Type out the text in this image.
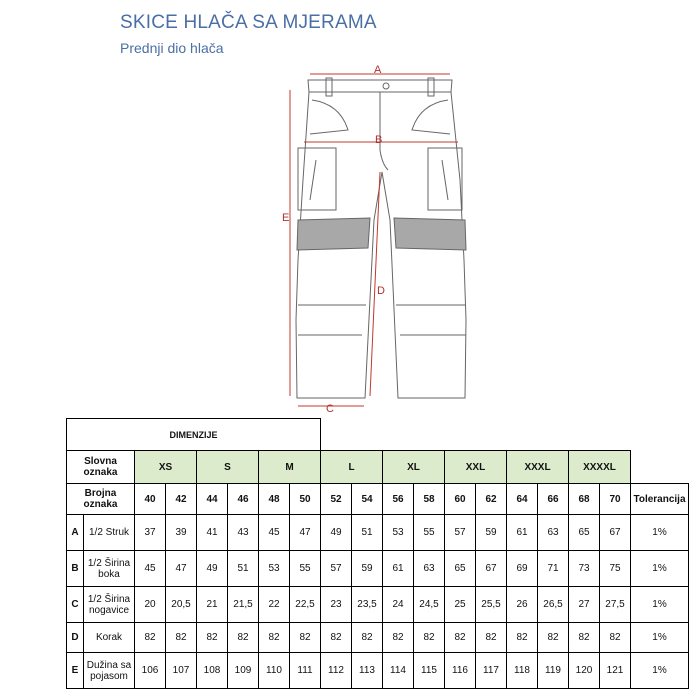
SKICE HLAČA SA MJERAMA
Prednji dio hlača
A
B
C
D
E
DIMENZIJE																		
Slovna oznaka		XS		S		M		L		XL		XXL		XXXL		XXXXL		
Brojna oznaka		40	42	44	46	48	50	52	54	56	58	60	62	64	66	68	70	Tolerancija
A	1/2 Struk	37	39	41	43	45	47	49	51	53	55	57	59	61	63	65	67	1%
B	1/2 Širina boka	45	47	49	51	53	55	57	59	61	63	65	67	69	71	73	75	1%
C	1/2 Širina nogavice	20	20,5	21	21,5	22	22,5	23	23,5	24	24,5	25	25,5	26	26,5	27	27,5	1%
D	Korak	82	82	82	82	82	82	82	82	82	82	82	82	82	82	82	82	1%
E	Dužina sa pojasom	106	107	108	109	110	111	112	113	114	115	116	117	118	119	120	121	1%
